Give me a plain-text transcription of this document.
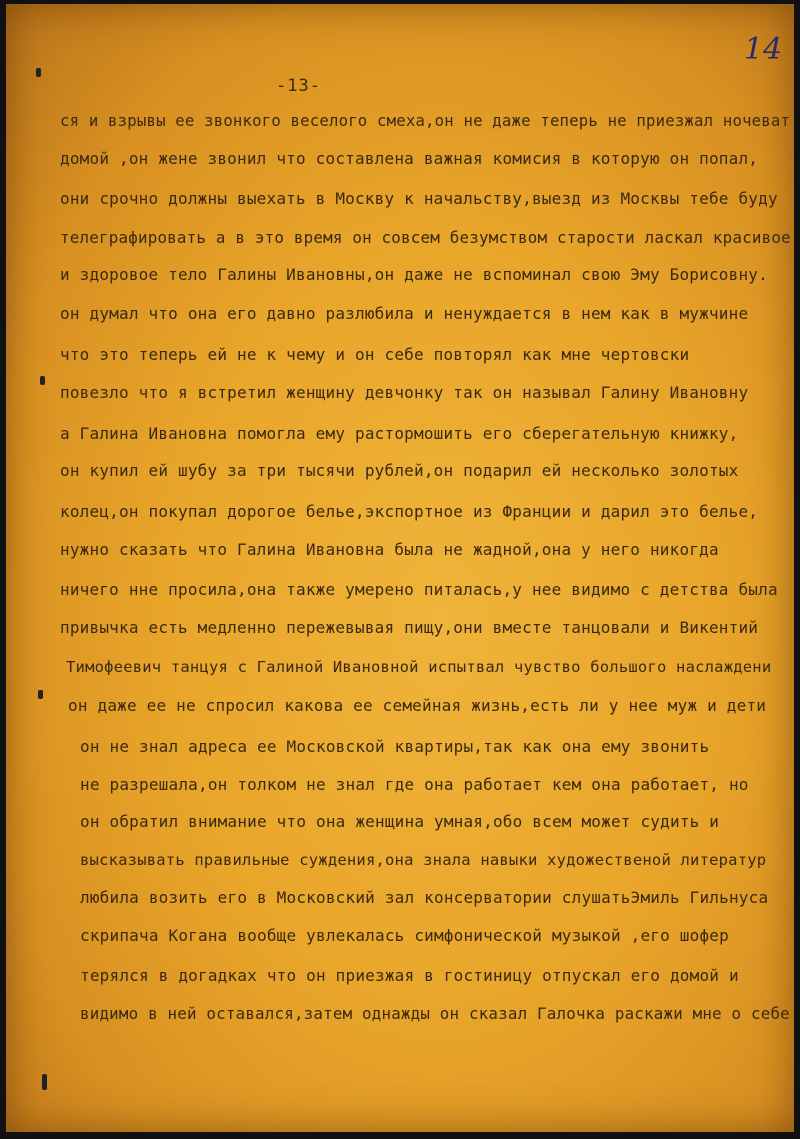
-13-
14
ся и взрывы ее звонкого веселого смеха,он не даже теперь не приезжал ночеват
домой ,он жене звонил что составлена важная комисия в которую он попал,
они срочно должны выехать в Москву к начальству,выезд из Москвы тебе буду
телеграфировать а в это время он совсем безумством старости ласкал красивое
и здоровое тело Галины Ивановны,он даже не вспоминал свою Эму Борисовну.
он думал что она его давно разлюбила и ненуждается в нем как в мужчине
что это теперь ей не к чему и он себе повторял как мне чертовски
повезло что я встретил женщину девчонку так он называл Галину Ивановну
а Галина Ивановна помогла ему растормошить его сберегательную книжку,
он купил ей шубу за три тысячи рублей,он подарил ей несколько золотых
колец,он покупал дорогое белье,экспортное из Франции и дарил это белье,
нужно сказать что Галина Ивановна была не жадной,она у него никогда
ничего нне просила,она также умерено питалась,у нее видимо с детства была
привычка есть медленно пережевывая пищу,они вместе танцовали и Викентий
Тимофеевич танцуя с Галиной Ивановной испытвал чувство большого наслаждени
он даже ее не спросил какова ее семейная жизнь,есть ли у нее муж и дети
он не знал адреса ее Московской квартиры,так как она ему звонить
не разрешала,он толком не знал где она работает кем она работает, но
он обратил внимание что она женщина умная,обо всем может судить и
высказывать правильные суждения,она знала навыки художественой литератур
любила возить его в Московский зал консерватории слушатьЭмиль Гильнуса
скрипача Когана вообще увлекалась симфонической музыкой ,его шофер
терялся в догадках что он приезжая в гостиницу отпускал его домой и
видимо в ней оставался,затем однажды он сказал Галочка раскажи мне о себе
